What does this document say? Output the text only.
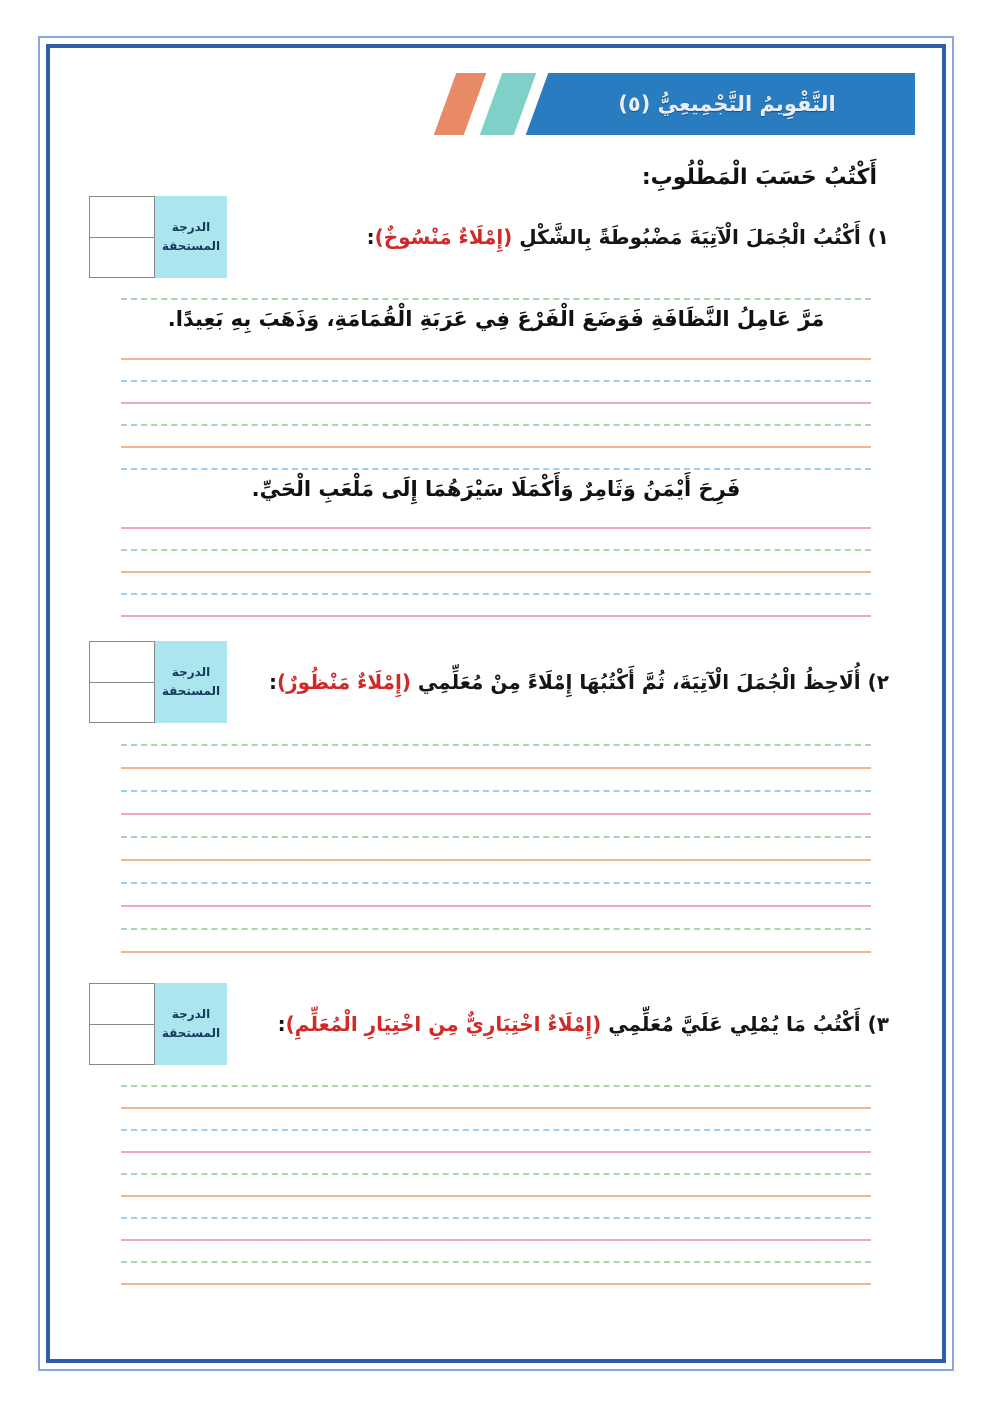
التَّقْوِيمُ التَّجْمِيعِيُّ (٥)
أَكْتُبُ حَسَبَ الْمَطْلُوبِ:

١) أَكْتُبُ الْجُمَلَ الْآتِيَةَ مَضْبُوطَةً بِالشَّكْلِ (إِمْلَاءٌ مَنْسُوخٌ):

الدرجة المستحقة
مَرَّ عَامِلُ النَّظَافَةِ فَوَضَعَ الْفَرْعَ فِي عَرَبَةِ الْقُمَامَةِ، وَذَهَبَ بِهِ بَعِيدًا.
فَرِحَ أَيْمَنُ وَثَامِرٌ وَأَكْمَلَا سَيْرَهُمَا إِلَى مَلْعَبِ الْحَيِّ.

٢) أُلَاحِظُ الْجُمَلَ الْآتِيَةَ، ثُمَّ أَكْتُبُهَا إِمْلَاءً مِنْ مُعَلِّمِي (إِمْلَاءٌ مَنْظُورٌ):

الدرجة المستحقة

٣) أَكْتُبُ مَا يُمْلِي عَلَيَّ مُعَلِّمِي (إِمْلَاءٌ اخْتِبَارِيٌّ مِنِ اخْتِيَارِ الْمُعَلِّمِ):

الدرجة المستحقة
